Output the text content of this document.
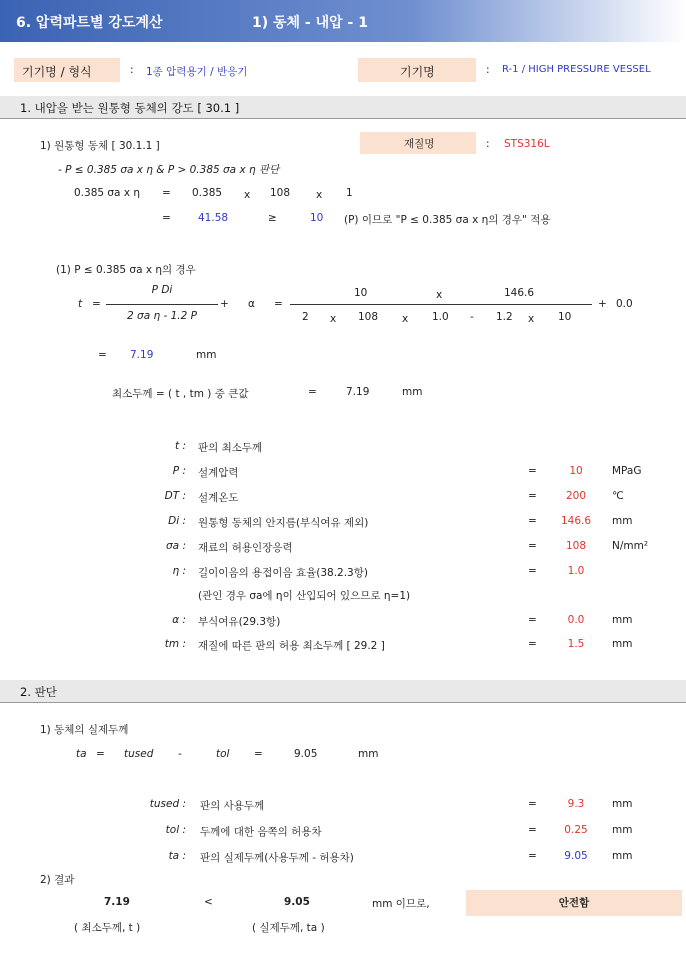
6. 압력파트별 강도계산	1) 동체 - 내압 - 1
기기명 / 형식	: 1종 압력용기 / 반응기	기기명	: R-1 / HIGH PRESSURE VESSEL
1. 내압을 받는 원통형 동체의 강도 [ 30.1 ]
1) 원통형 동체 [ 30.1.1 ]	재질명	: STS316L
- P ≤ 0.385 σa x η & P > 0.385 σa x η 판단
0.385 σa x η = 0.385 x 108 x 1
=	41.58	≥	10 (P) 이므로 "P ≤ 0.385 σa x η의 경우" 적용
(1) P ≤ 0.385 σa x η의 경우
t =
P Di
2 σa η - 1.2 P
+ α =
10	x	146.6
2 x 108 x 1.0 - 1.2 x 10
+ 0.0
= 7.19	mm
최소두께 = ( t , tm ) 중 큰값	=	7.19	mm
t : 판의 최소두께
P : 설계압력	=	10	MPaG
DT : 설계온도	=	200	℃
Di : 원통형 동체의 안지름(부식여유 제외)	=	146.6	mm
σa : 재료의 허용인장응력	=	108	N/mm²
η : 길이이음의 용접이음 효율(38.2.3항)	=	1.0
(관인 경우 σa에 η이 산입되어 있으므로 η=1)
α : 부식여유(29.3항)	=	0.0	mm
tm : 재질에 따른 판의 허용 최소두께 [ 29.2 ]	=	1.5	mm
2. 판단
1) 동체의 실제두께
ta = tused -	tol =	9.05	mm
tused : 판의 사용두께	=	9.3	mm
tol : 두께에 대한 음쪽의 허용차	=	0.25	mm
ta : 판의 실제두께(사용두께 - 허용차)	=	9.05	mm
2) 결과
7.19	<	9.05	mm 이므로,	안전함
( 최소두께, t )	( 실제두께, ta )
